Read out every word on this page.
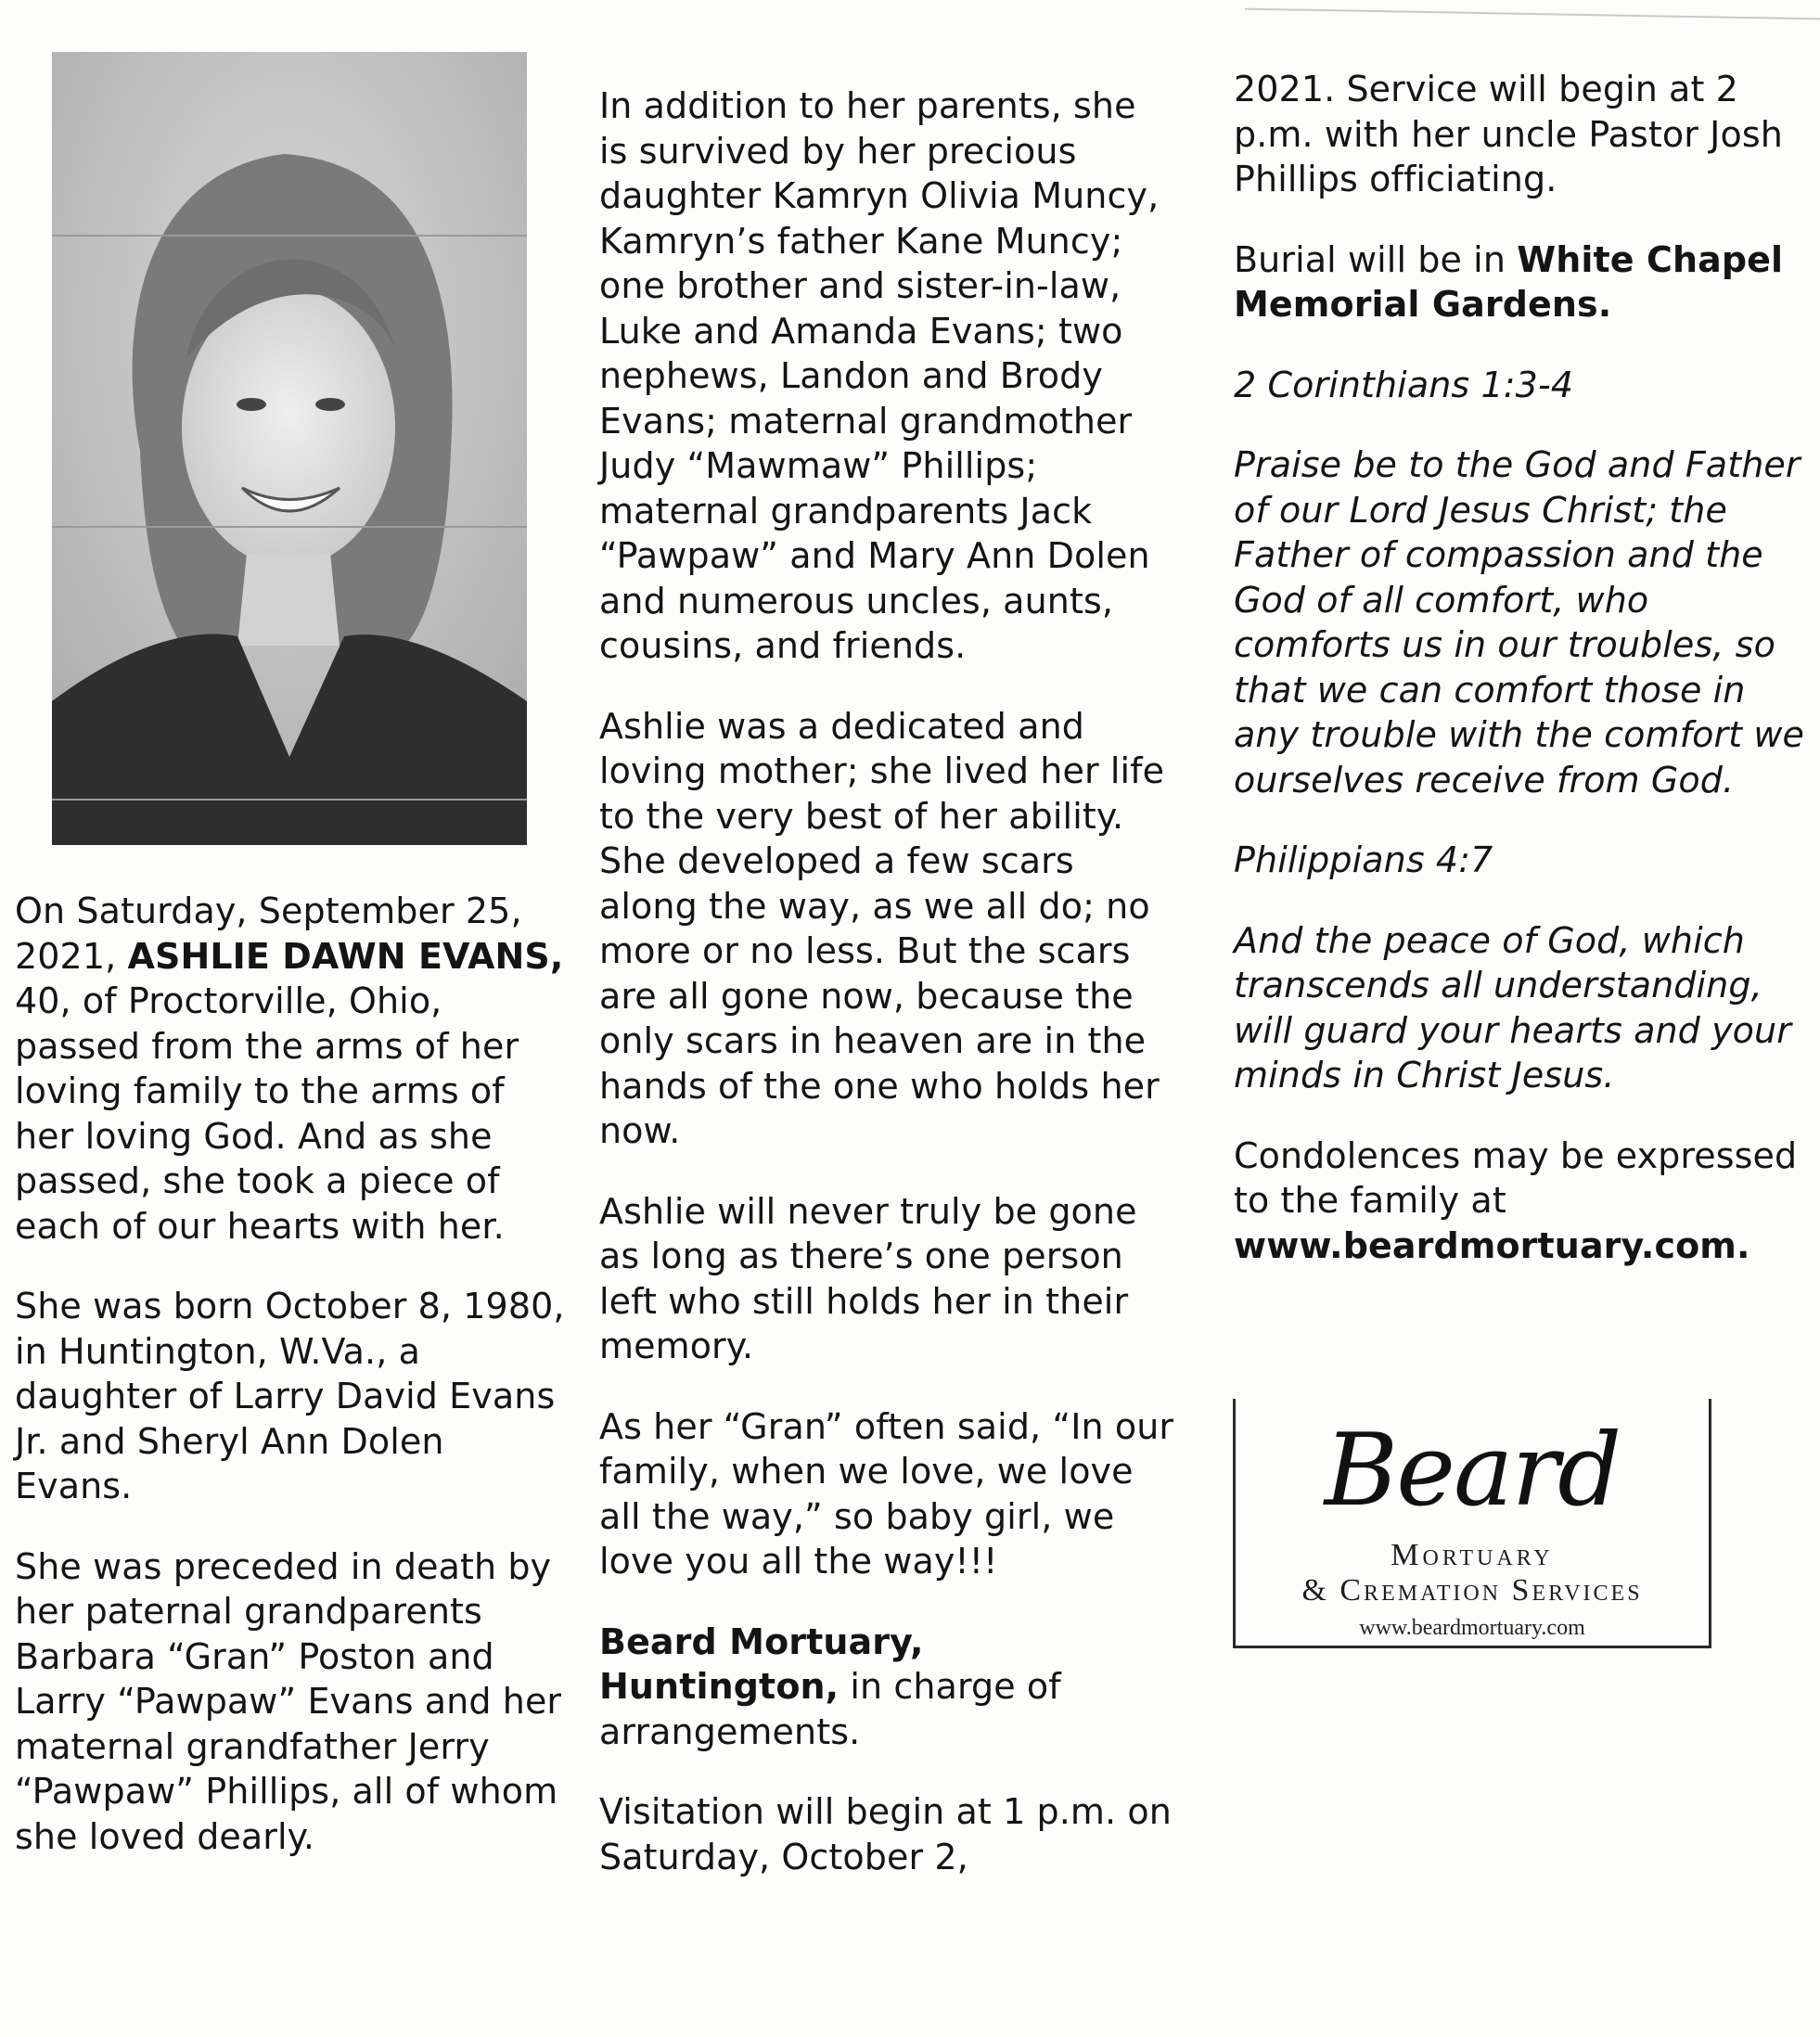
On Saturday, September 25, 2021, ASHLIE DAWN EVANS, 40, of Proctorville, Ohio, passed from the arms of her loving family to the arms of her loving God. And as she passed, she took a piece of each of our hearts with her.

She was born October 8, 1980, in Huntington, W.Va., a daughter of Larry David Evans Jr. and Sheryl Ann Dolen Evans.

She was preceded in death by her paternal grandparents Barbara “Gran” Poston and Larry “Pawpaw” Evans and her maternal grandfather Jerry “Pawpaw” Phillips, all of whom she loved dearly.

In addition to her parents, she is survived by her precious daughter Kamryn Olivia Muncy, Kamryn’s father Kane Muncy; one brother and sister-in-law, Luke and Amanda Evans; two nephews, Landon and Brody Evans; maternal grandmother Judy “Mawmaw” Phillips; maternal grandparents Jack “Pawpaw” and Mary Ann Dolen and numerous uncles, aunts, cousins, and friends.

Ashlie was a dedicated and loving mother; she lived her life to the very best of her ability. She developed a few scars along the way, as we all do; no more or no less. But the scars are all gone now, because the only scars in heaven are in the hands of the one who holds her now.

Ashlie will never truly be gone as long as there’s one person left who still holds her in their memory.

As her “Gran” often said, “In our family, when we love, we love all the way,” so baby girl, we love you all the way!!!

Beard Mortuary, Huntington, in charge of arrangements.

Visitation will begin at 1 p.m. on Saturday, October 2,

2021. Service will begin at 2 p.m. with her uncle Pastor Josh Phillips officiating.

Burial will be in White Chapel Memorial Gardens.

2 Corinthians 1:3-4

Praise be to the God and Father of our Lord Jesus Christ; the Father of compassion and the God of all comfort, who comforts us in our troubles, so that we can comfort those in any trouble with the comfort we ourselves receive from God.

Philippians 4:7

And the peace of God, which transcends all understanding, will guard your hearts and your minds in Christ Jesus.

Condolences may be expressed to the family at www.beardmortuary.com.

Beard
Mortuary
& Cremation Services
www.beardmortuary.com
